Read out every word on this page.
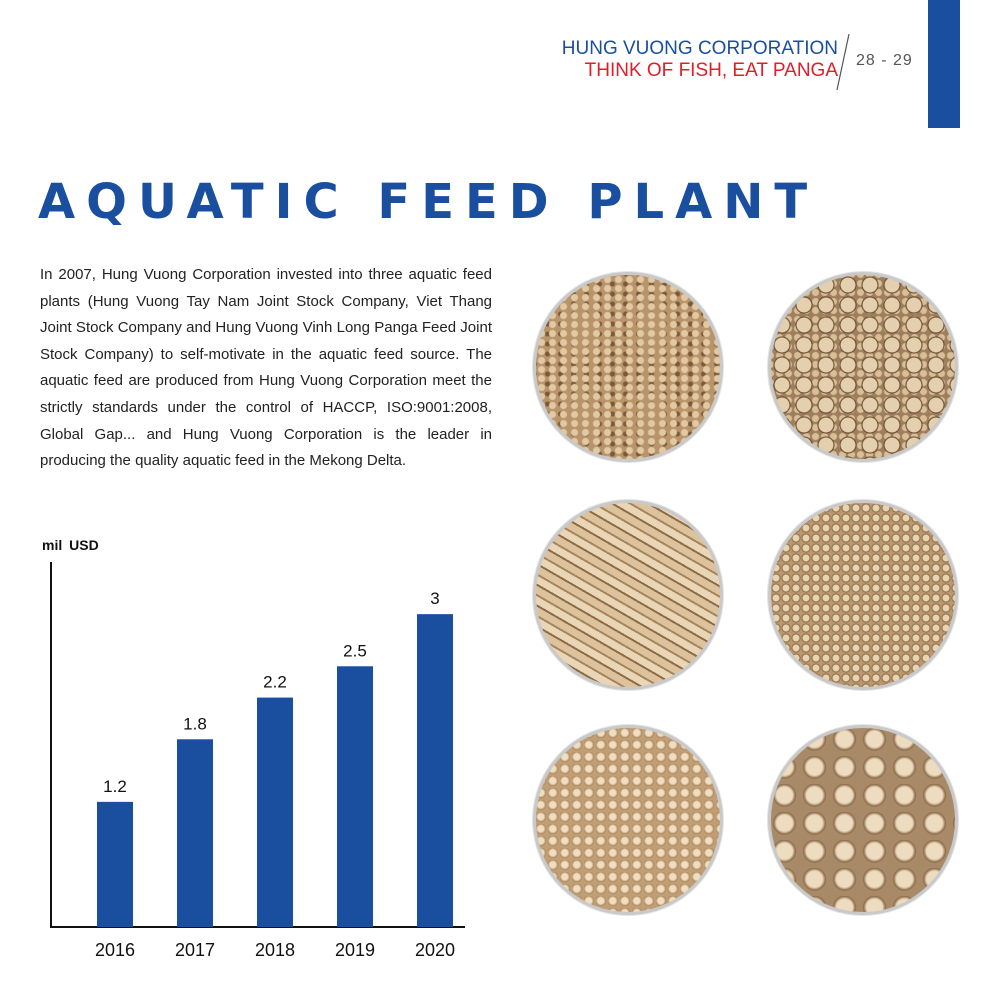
HUNG VUONG CORPORATION
THINK OF FISH, EAT PANGA 28 - 29
AQUATIC FEED PLANT

In 2007, Hung Vuong Corporation invested into three aquatic feed plants (Hung Vuong Tay Nam Joint Stock Company, Viet Thang Joint Stock Company and Hung Vuong Vinh Long Panga Feed Joint Stock Company) to self-motivate in the aquatic feed source. The aquatic feed are produced from Hung Vuong Corporation meet the strictly standards under the control of HACCP, ISO:9001:2008, Global Gap... and Hung Vuong Corporation is the leader in producing the quality aquatic feed in the Mekong Delta.

mil USD
1.2
2016
1.8
2017
2.2
2018
2.5
2019
3
2020
